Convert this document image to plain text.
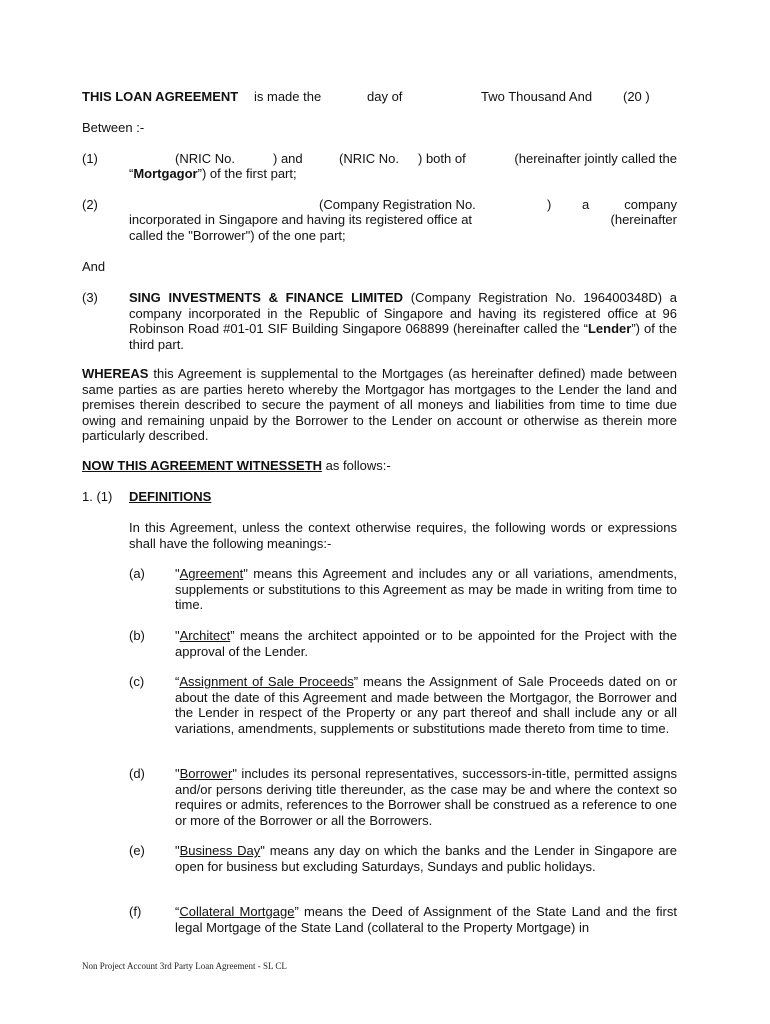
THIS LOAN AGREEMENT is made the	day of	Two Thousand And (20 )
Between :-
(1)	(NRIC No.	) and	(NRIC No. ) both of	(hereinafter jointly called the
“Mortgagor”) of the first part;
(2)	(Company Registration No.	) a	company
incorporated in Singapore and having its registered office at	(hereinafter
called the "Borrower") of the one part;
And
(3) SING INVESTMENTS & FINANCE LIMITED (Company Registration No. 196400348D) a company incorporated in the Republic of Singapore and having its registered office at 96 Robinson Road #01-01 SIF Building Singapore 068899 (hereinafter called the “Lender”) of the third part.
WHEREAS this Agreement is supplemental to the Mortgages (as hereinafter defined) made between same parties as are parties hereto whereby the Mortgagor has mortgages to the Lender the land and premises therein described to secure the payment of all moneys and liabilities from time to time due owing and remaining unpaid by the Borrower to the Lender on account or otherwise as therein more particularly described.
NOW THIS AGREEMENT WITNESSETH as follows:-
1. (1) DEFINITIONS
In this Agreement, unless the context otherwise requires, the following words or expressions shall have the following meanings:-
(a) "Agreement" means this Agreement and includes any or all variations, amendments, supplements or substitutions to this Agreement as may be made in writing from time to time.
(b) "Architect” means the architect appointed or to be appointed for the Project with the approval of the Lender.
(c) “Assignment of Sale Proceeds” means the Assignment of Sale Proceeds dated on or about the date of this Agreement and made between the Mortgagor, the Borrower and the Lender in respect of the Property or any part thereof and shall include any or all variations, amendments, supplements or substitutions made thereto from time to time.
(d) "Borrower" includes its personal representatives, successors-in-title, permitted assigns and/or persons deriving title thereunder, as the case may be and where the context so requires or admits, references to the Borrower shall be construed as a reference to one or more of the Borrower or all the Borrowers.
(e) "Business Day" means any day on which the banks and the Lender in Singapore are open for business but excluding Saturdays, Sundays and public holidays.
(f)	“Collateral Mortgage” means the Deed of Assignment of the State Land and the first legal Mortgage of the State Land (collateral to the Property Mortgage) in
Non Project Account 3rd Party Loan Agreement - SL CL
